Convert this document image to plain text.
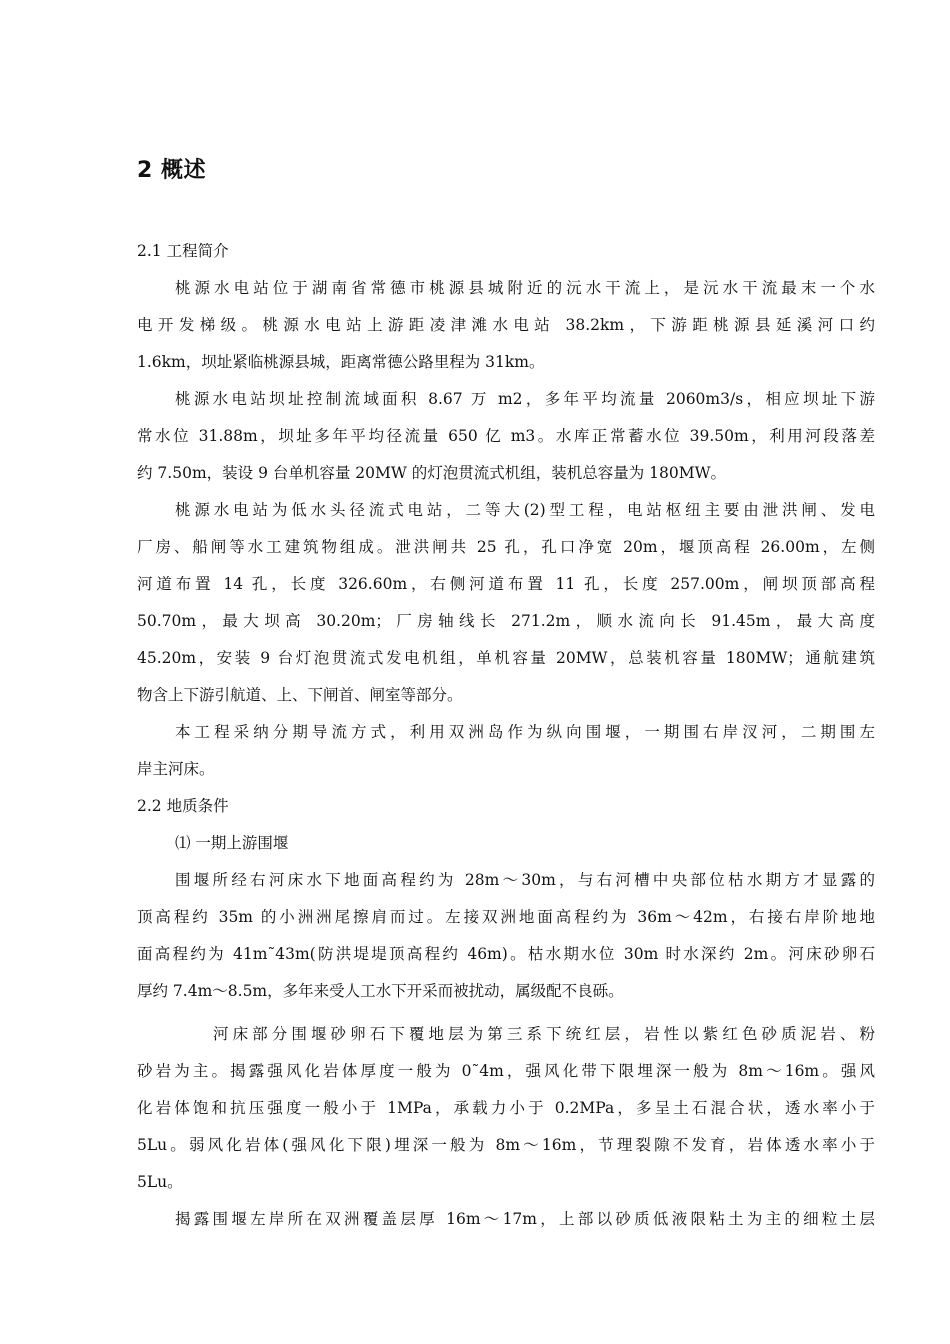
2 概述
2.1 工程简介
桃源水电站位于湖南省常德市桃源县城附近的沅水干流上，是沅水干流最末一个水
电开发梯级。桃源水电站上游距凌津滩水电站 38.2km，下游距桃源县延溪河口约
1.6km，坝址紧临桃源县城，距离常德公路里程为 31km。
桃源水电站坝址控制流域面积 8.67 万 m2，多年平均流量 2060m3/s，相应坝址下游
常水位 31.88m，坝址多年平均径流量 650 亿 m3。水库正常蓄水位 39.50m，利用河段落差
约 7.50m，装设 9 台单机容量 20MW 的灯泡贯流式机组，装机总容量为 180MW。
桃源水电站为低水头径流式电站，二等大(2)型工程，电站枢纽主要由泄洪闸、发电
厂房、船闸等水工建筑物组成。泄洪闸共 25 孔，孔口净宽 20m，堰顶高程 26.00m，左侧
河道布置 14 孔，长度 326.60m，右侧河道布置 11 孔，长度 257.00m，闸坝顶部高程
50.70m，最大坝高 30.20m；厂房轴线长 271.2m，顺水流向长 91.45m，最大高度
45.20m，安装 9 台灯泡贯流式发电机组，单机容量 20MW，总装机容量 180MW；通航建筑
物含上下游引航道、上、下闸首、闸室等部分。
本工程采纳分期导流方式，利用双洲岛作为纵向围堰，一期围右岸汊河，二期围左
岸主河床。
2.2 地质条件
⑴ 一期上游围堰
围堰所经右河床水下地面高程约为 28m～30m，与右河槽中央部位枯水期方才显露的
顶高程约 35m 的小洲洲尾擦肩而过。左接双洲地面高程约为 36m～42m，右接右岸阶地地
面高程约为 41m˜43m(防洪堤堤顶高程约 46m)。枯水期水位 30m 时水深约 2m。河床砂卵石
厚约 7.4m～8.5m，多年来受人工水下开采而被扰动，属级配不良砾。
河床部分围堰砂卵石下覆地层为第三系下统红层，岩性以紫红色砂质泥岩、粉
砂岩为主。揭露强风化岩体厚度一般为 0˜4m，强风化带下限埋深一般为 8m～16m。强风
化岩体饱和抗压强度一般小于 1MPa，承载力小于 0.2MPa，多呈土石混合状，透水率小于
5Lu。弱风化岩体(强风化下限)埋深一般为 8m～16m，节理裂隙不发育，岩体透水率小于
5Lu。
揭露围堰左岸所在双洲覆盖层厚 16m～17m，上部以砂质低液限粘土为主的细粒土层
